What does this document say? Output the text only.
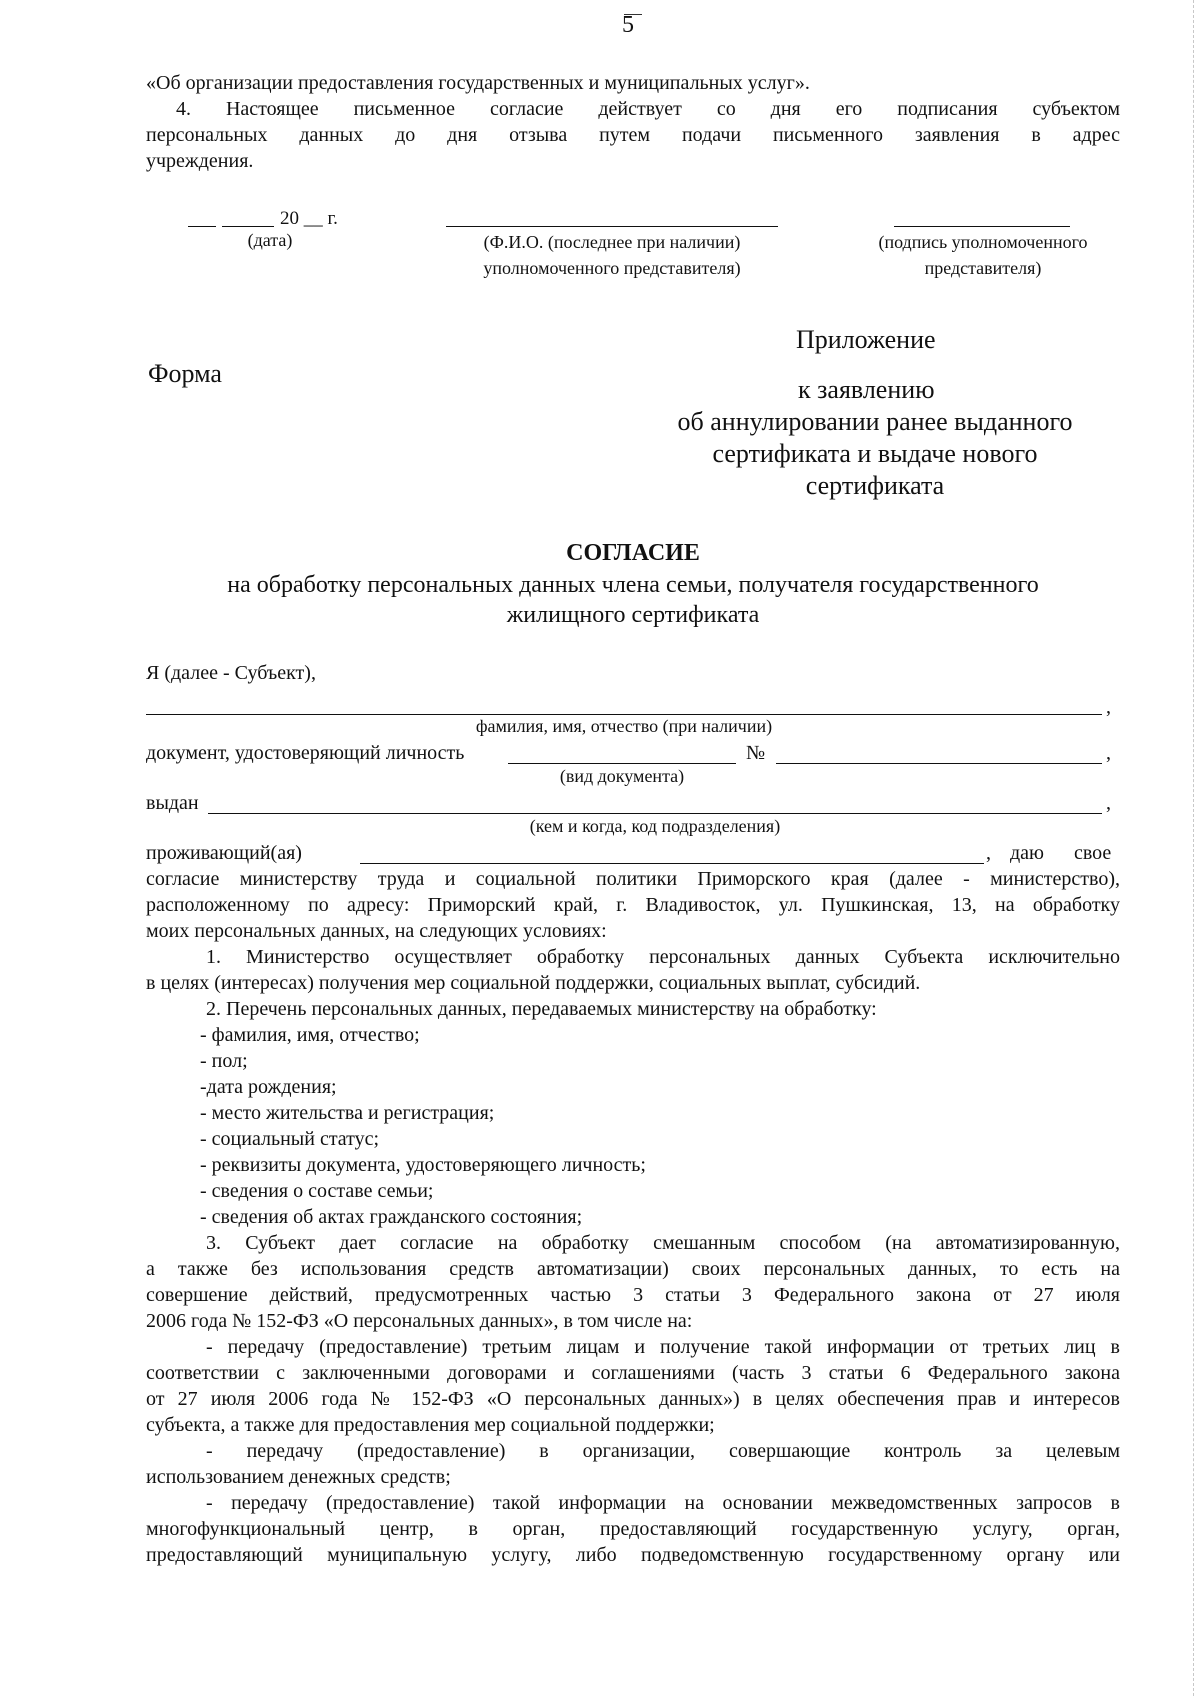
5
«Об организации предоставления государственных и муниципальных услуг».
4. Настоящее письменное согласие действует со дня его подписания субъектом
персональных данных до дня отзыва путем подачи письменного заявления в адрес
учреждения.
20 __ г.
(дата)	(Ф.И.О. (последнее при наличии)
уполномоченного представителя)
(подпись уполномоченного
представителя)
Приложение
Форма
к заявлению
об аннулировании ранее выданного
сертификата и выдаче нового
сертификата
СОГЛАСИЕ
на обработку персональных данных члена семьи, получателя государственного
жилищного сертификата
Я (далее - Субъект),
,
фамилия, имя, отчество (при наличии)
документ, удостоверяющий личность	№	,
(вид документа)
выдан	,
(кем и когда, код подразделения)
проживающий(ая)	, даю свое
согласие министерству труда и социальной политики Приморского края (далее - министерство),
расположенному по адресу: Приморский край, г. Владивосток, ул. Пушкинская, 13, на обработку
моих персональных данных, на следующих условиях:
1. Министерство осуществляет обработку персональных данных Субъекта исключительно
в целях (интересах) получения мер социальной поддержки, социальных выплат, субсидий.
2. Перечень персональных данных, передаваемых министерству на обработку:
- фамилия, имя, отчество;
- пол;
-дата рождения;
- место жительства и регистрация;
- социальный статус;
- реквизиты документа, удостоверяющего личность;
- сведения о составе семьи;
- сведения об актах гражданского состояния;
3. Субъект дает согласие на обработку смешанным способом (на автоматизированную,
а также без использования средств автоматизации) своих персональных данных, то есть на
совершение действий, предусмотренных частью 3 статьи 3 Федерального закона от 27 июля
2006 года № 152-ФЗ «О персональных данных», в том числе на:
- передачу (предоставление) третьим лицам и получение такой информации от третьих лиц в
соответствии с заключенными договорами и соглашениями (часть 3 статьи 6 Федерального закона
от 27 июля 2006 года № 152-ФЗ «О персональных данных») в целях обеспечения прав и интересов
субъекта, а также для предоставления мер социальной поддержки;
- передачу (предоставление) в организации, совершающие контроль за целевым
использованием денежных средств;
- передачу (предоставление) такой информации на основании межведомственных запросов в
многофункциональный центр, в орган, предоставляющий государственную услугу, орган,
предоставляющий муниципальную услугу, либо подведомственную государственному органу или
